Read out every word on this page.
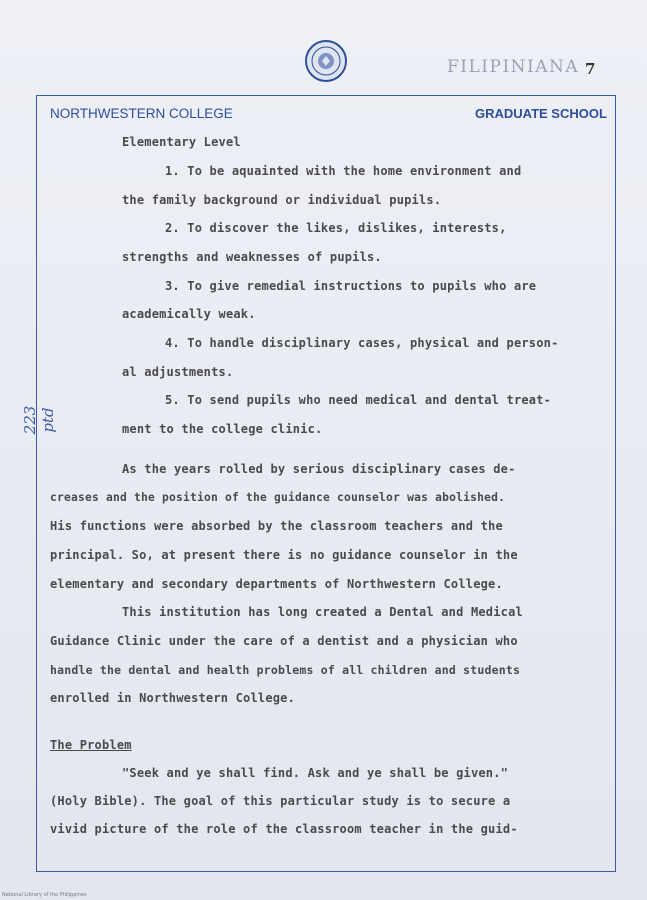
FILIPINIANA 7
NORTHWESTERN COLLEGE	GRADUATE SCHOOL
223 ptd
Elementary Level
1. To be aquainted with the home environment and
the family background or individual pupils.
2. To discover the likes, dislikes, interests,
strengths and weaknesses of pupils.
3. To give remedial instructions to pupils who are
academically weak.
4. To handle disciplinary cases, physical and person-
al adjustments.
5. To send pupils who need medical and dental treat-
ment to the college clinic.
As the years rolled by serious disciplinary cases de-
creases and the position of the guidance counselor was abolished.
His functions were absorbed by the classroom teachers and the
principal. So, at present there is no guidance counselor in the
elementary and secondary departments of Northwestern College.
This institution has long created a Dental and Medical
Guidance Clinic under the care of a dentist and a physician who
handle the dental and health problems of all children and students
enrolled in Northwestern College.
The Problem
"Seek and ye shall find. Ask and ye shall be given."
(Holy Bible). The goal of this particular study is to secure a
vivid picture of the role of the classroom teacher in the guid-
National Library of the Philippines
